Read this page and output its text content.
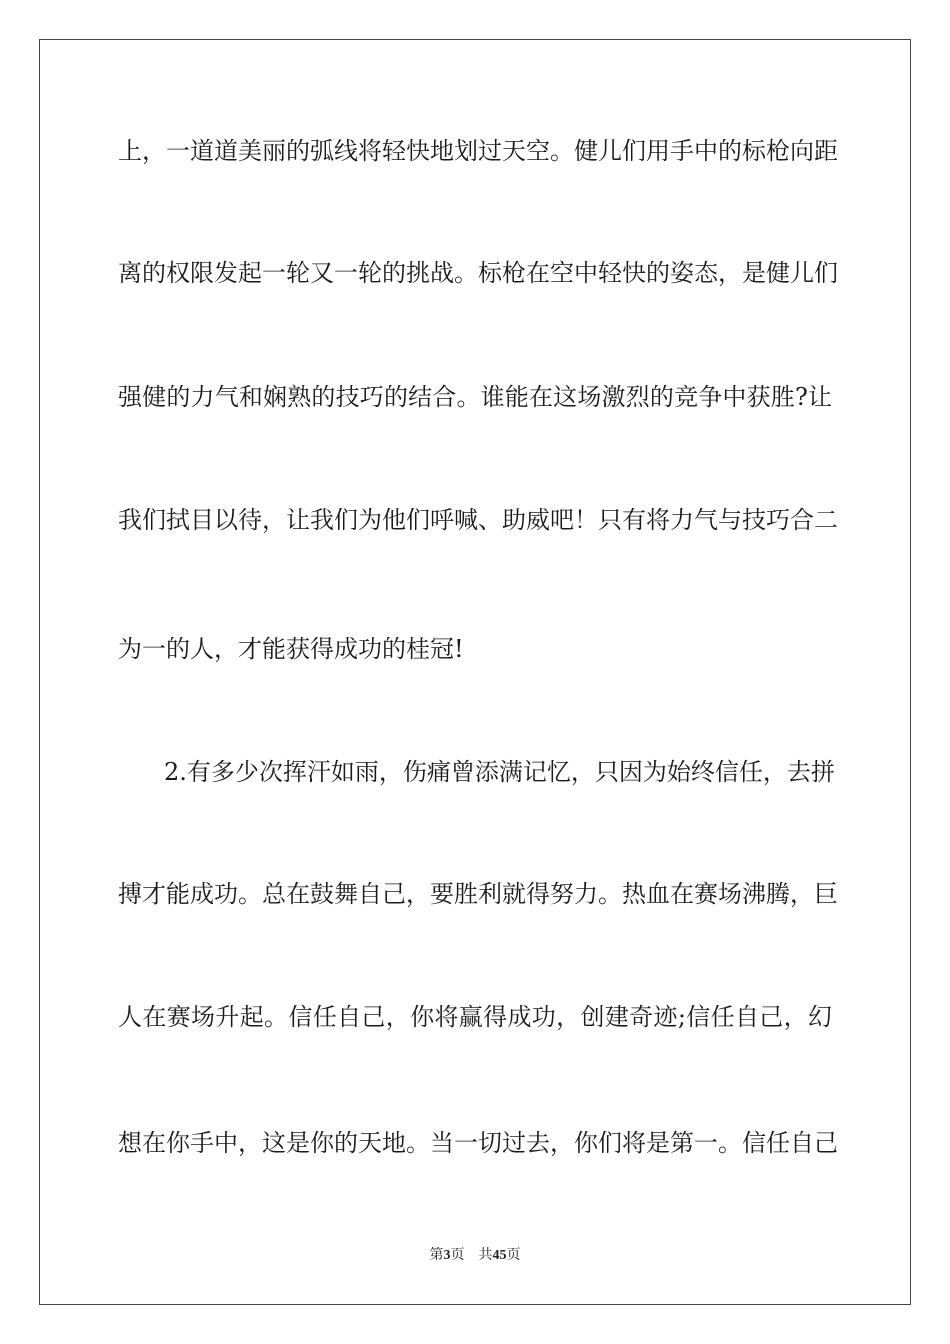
上，一道道美丽的弧线将轻快地划过天空。健儿们用手中的标枪向距
离的权限发起一轮又一轮的挑战。标枪在空中轻快的姿态，是健儿们
强健的力气和娴熟的技巧的结合。谁能在这场激烈的竞争中获胜?让
我们拭目以待，让我们为他们呼喊、助威吧！只有将力气与技巧合二
为一的人，才能获得成功的桂冠!
2.有多少次挥汗如雨，伤痛曾添满记忆，只因为始终信任，去拼
搏才能成功。总在鼓舞自己，要胜利就得努力。热血在赛场沸腾，巨
人在赛场升起。信任自己，你将赢得成功，创建奇迹;信任自己，幻
想在你手中，这是你的天地。当一切过去，你们将是第一。信任自己
第3页 共45页
